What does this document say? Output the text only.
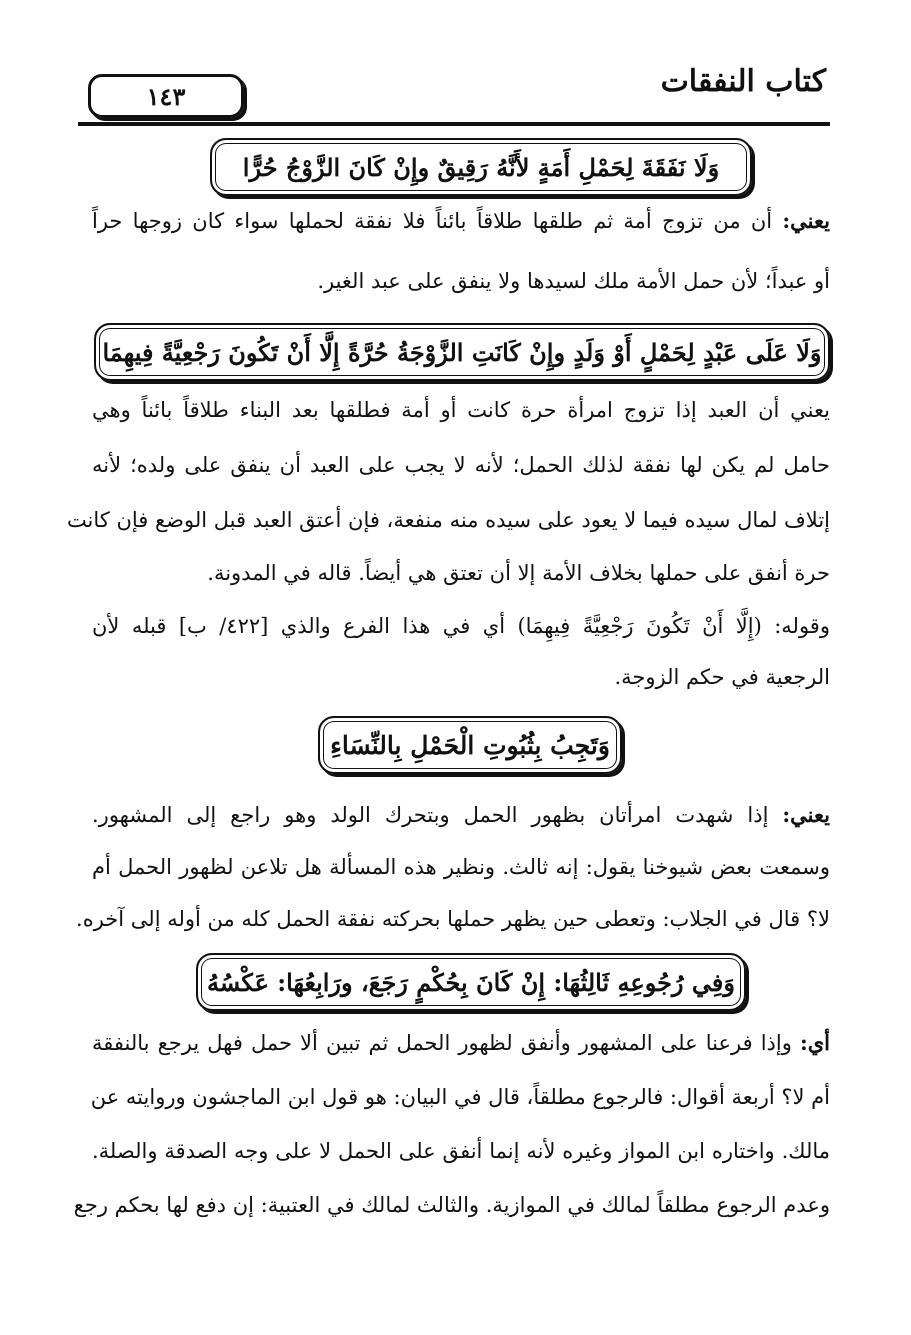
كتاب النفقات
١٤٣
وَلَا نَفَقَةَ لِحَمْلِ أَمَةٍ لأَنَّهُ رَقِيقٌ وإِنْ كَانَ الزَّوْجُ حُرًّا
يعني: أن من تزوج أمة ثم طلقها طلاقاً بائناً فلا نفقة لحملها سواء كان زوجها حراً
أو عبداً؛ لأن حمل الأمة ملك لسيدها ولا ينفق على عبد الغير.
وَلَا عَلَى عَبْدٍ لِحَمْلٍ أَوْ وَلَدٍ وإِنْ كَانَتِ الزَّوْجَةُ حُرَّةً إِلَّا أَنْ تَكُونَ رَجْعِيَّةً فِيهِمَا
يعني أن العبد إذا تزوج امرأة حرة كانت أو أمة فطلقها بعد البناء طلاقاً بائناً وهي
حامل لم يكن لها نفقة لذلك الحمل؛ لأنه لا يجب على العبد أن ينفق على ولده؛ لأنه
إتلاف لمال سيده فيما لا يعود على سيده منه منفعة، فإن أعتق العبد قبل الوضع فإن كانت
حرة أنفق على حملها بخلاف الأمة إلا أن تعتق هي أيضاً. قاله في المدونة.
وقوله: (إِلَّا أَنْ تَكُونَ رَجْعِيَّةً فِيهِمَا) أي في هذا الفرع والذي [٤٢٢/ ب] قبله لأن
الرجعية في حكم الزوجة.
وَتَجِبُ بِثُبُوتِ الْحَمْلِ بِالنِّسَاءِ
يعني: إذا شهدت امرأتان بظهور الحمل وبتحرك الولد وهو راجع إلى المشهور.
وسمعت بعض شيوخنا يقول: إنه ثالث. ونظير هذه المسألة هل تلاعن لظهور الحمل أم
لا؟ قال في الجلاب: وتعطى حين يظهر حملها بحركته نفقة الحمل كله من أوله إلى آخره.
وَفِي رُجُوعِهِ ثَالِثُهَا: إِنْ كَانَ بِحُكْمٍ رَجَعَ، ورَابِعُهَا: عَكْسُهُ
أي: وإذا فرعنا على المشهور وأنفق لظهور الحمل ثم تبين ألا حمل فهل يرجع بالنفقة
أم لا؟ أربعة أقوال: فالرجوع مطلقاً، قال في البيان: هو قول ابن الماجشون وروايته عن
مالك. واختاره ابن المواز وغيره لأنه إنما أنفق على الحمل لا على وجه الصدقة والصلة.
وعدم الرجوع مطلقاً لمالك في الموازية. والثالث لمالك في العتبية: إن دفع لها بحكم رجع
